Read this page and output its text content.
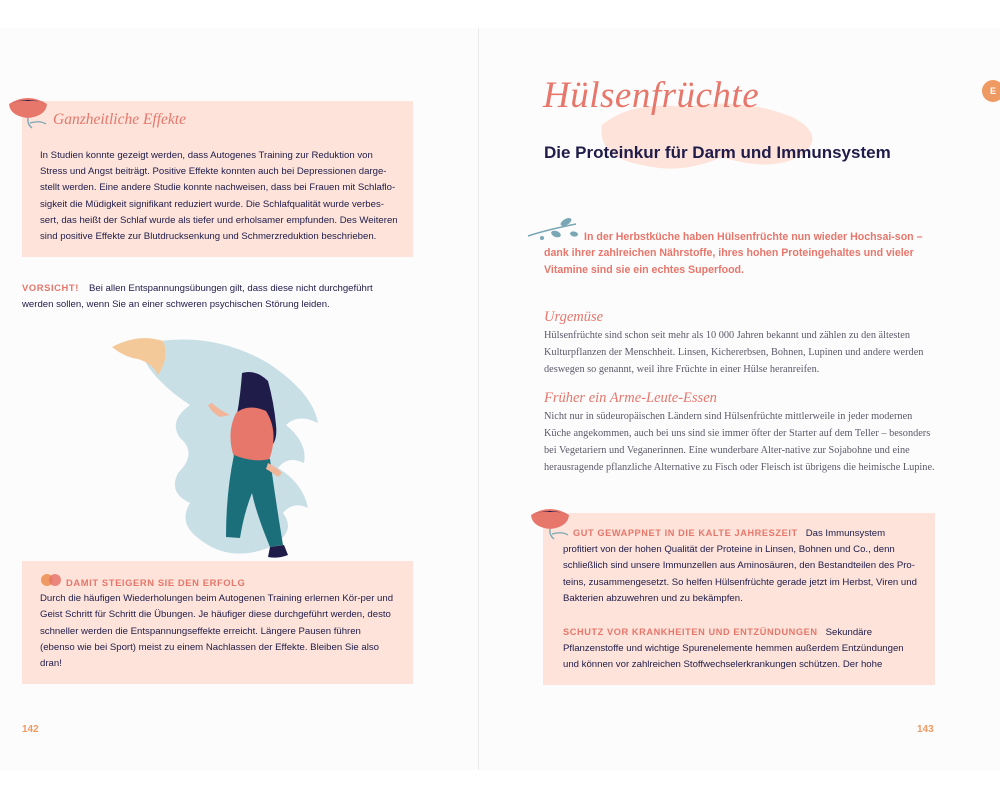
Ganzheitliche Effekte
In Studien konnte gezeigt werden, dass Autogenes Training zur Reduktion von Stress und Angst beiträgt. Positive Effekte konnten auch bei Depressionen darge-stellt werden. Eine andere Studie konnte nachweisen, dass bei Frauen mit Schlaflo-sigkeit die Müdigkeit signifikant reduziert wurde. Die Schlafqualität wurde verbes-sert, das heißt der Schlaf wurde als tiefer und erholsamer empfunden. Des Weiteren sind positive Effekte zur Blutdrucksenkung und Schmerzreduktion beschrieben.
VORSICHT! Bei allen Entspannungsübungen gilt, dass diese nicht durchgeführt werden sollen, wenn Sie an einer schweren psychischen Störung leiden.
DAMIT STEIGERN SIE DEN ERFOLG
Durch die häufigen Wiederholungen beim Autogenen Training erlernen Kör-per und Geist Schritt für Schritt die Übungen. Je häufiger diese durchgeführt werden, desto schneller werden die Entspannungseffekte erreicht. Längere Pausen führen (ebenso wie bei Sport) meist zu einem Nachlassen der Effekte. Bleiben Sie also dran!
142
E
Hülsenfrüchte
Die Proteinkur für Darm und Immunsystem
In der Herbstküche haben Hülsenfrüchte nun wieder Hochsai-son – dank ihrer zahlreichen Nährstoffe, ihres hohen Proteingehaltes und vieler Vitamine sind sie ein echtes Superfood.
Urgemüse
Hülsenfrüchte sind schon seit mehr als 10 000 Jahren bekannt und zählen zu den ältesten Kulturpflanzen der Menschheit. Linsen, Kichererbsen, Bohnen, Lupinen und andere werden deswegen so genannt, weil ihre Früchte in einer Hülse heranreifen.
Früher ein Arme-Leute-Essen
Nicht nur in südeuropäischen Ländern sind Hülsenfrüchte mittlerweile in jeder modernen Küche angekommen, auch bei uns sind sie immer öfter der Starter auf dem Teller – besonders bei Vegetariern und Veganerinnen. Eine wunderbare Alter-native zur Sojabohne und eine herausragende pflanzliche Alternative zu Fisch oder Fleisch ist übrigens die heimische Lupine.
GUT GEWAPPNET IN DIE KALTE JAHRESZEIT Das Immunsystem profitiert von der hohen Qualität der Proteine in Linsen, Bohnen und Co., denn schließlich sind unsere Immunzellen aus Aminosäuren, den Bestandteilen des Pro-teins, zusammengesetzt. So helfen Hülsenfrüchte gerade jetzt im Herbst, Viren und Bakterien abzuwehren und zu bekämpfen.
SCHUTZ VOR KRANKHEITEN UND ENTZÜNDUNGEN Sekundäre Pflanzenstoffe und wichtige Spurenelemente hemmen außerdem Entzündungen und können vor zahlreichen Stoffwechselerkrankungen schützen. Der hohe
143
